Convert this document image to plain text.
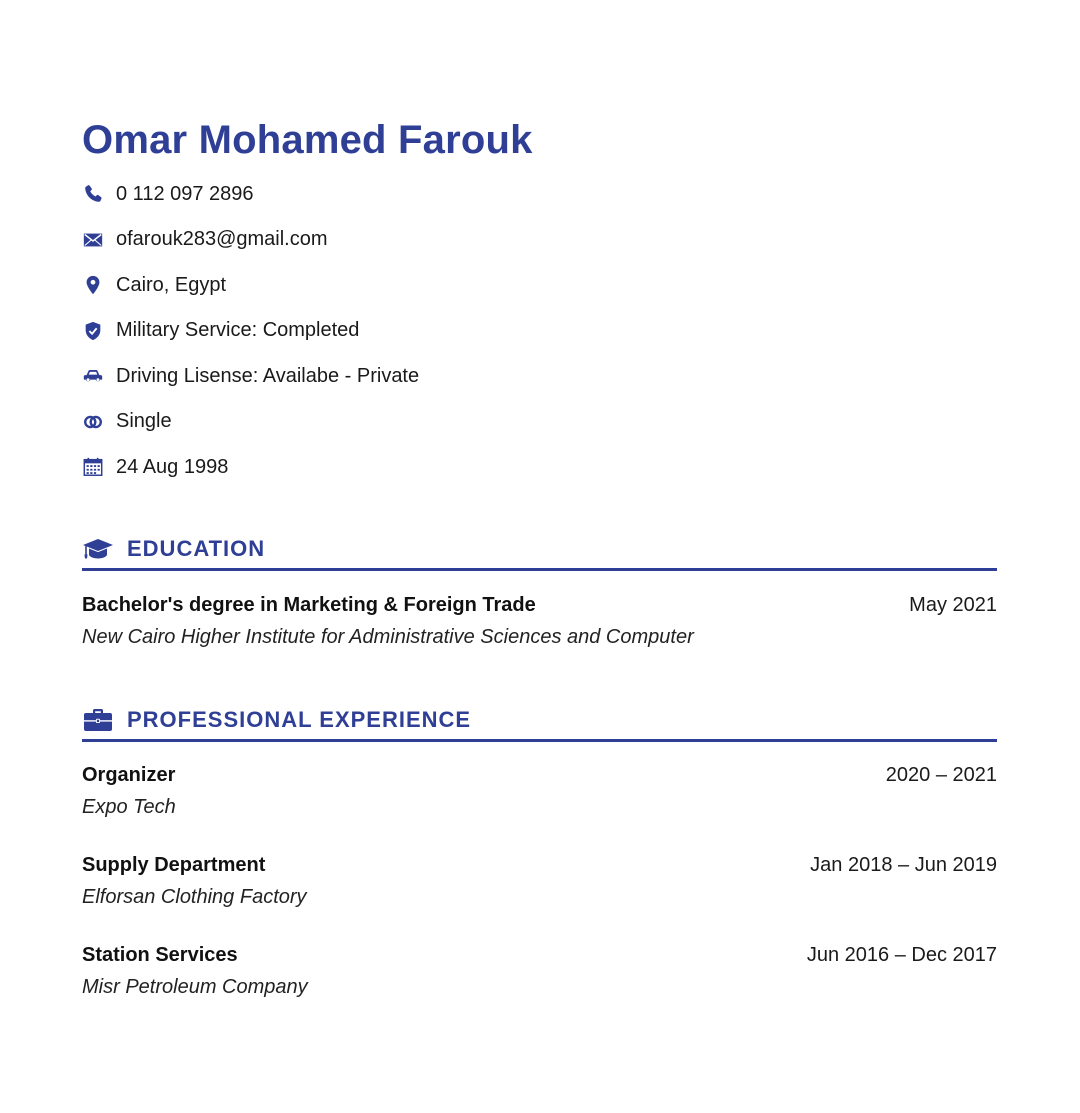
Omar Mohamed Farouk
0 112 097 2896
ofarouk283@gmail.com
Cairo, Egypt
Military Service: Completed
Driving Lisense: Availabe - Private
Single
24 Aug 1998
EDUCATION
Bachelor's degree in Marketing & Foreign Trade	May 2021
New Cairo Higher Institute for Administrative Sciences and Computer
PROFESSIONAL EXPERIENCE
Organizer	2020 – 2021
Expo Tech
Supply Department	Jan 2018 – Jun 2019
Elforsan Clothing Factory
Station Services	Jun 2016 – Dec 2017
Misr Petroleum Company
